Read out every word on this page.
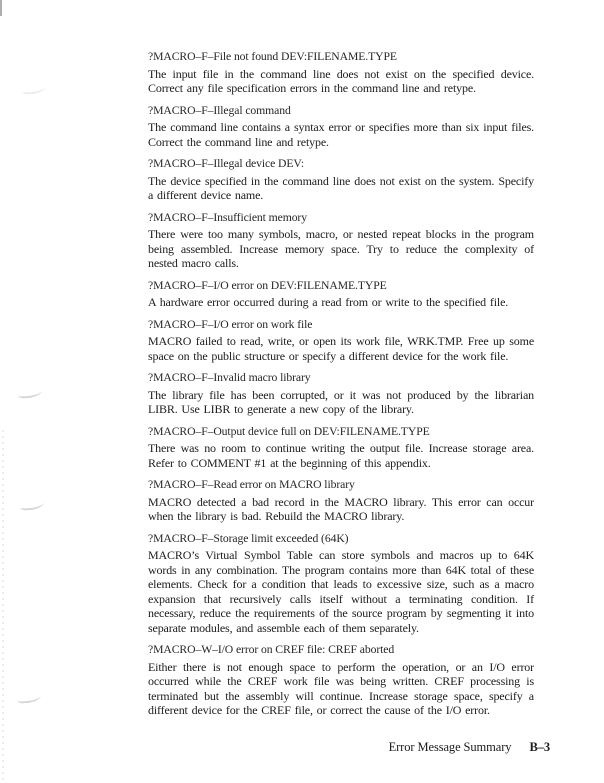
?MACRO–F–File not found DEV:FILENAME.TYPE

The input file in the command line does not exist on the specified device. Correct any file specification errors in the command line and retype.

?MACRO–F–Illegal command

The command line contains a syntax error or specifies more than six input files. Correct the command line and retype.

?MACRO–F–Illegal device DEV:

The device specified in the command line does not exist on the system. Specify a different device name.

?MACRO–F–Insufficient memory

There were too many symbols, macro, or nested repeat blocks in the program being assembled. Increase memory space. Try to reduce the complexity of nested macro calls.

?MACRO–F–I/O error on DEV:FILENAME.TYPE

A hardware error occurred during a read from or write to the specified file.

?MACRO–F–I/O error on work file

MACRO failed to read, write, or open its work file, WRK.TMP. Free up some space on the public structure or specify a different device for the work file.

?MACRO–F–Invalid macro library

The library file has been corrupted, or it was not produced by the librarian LIBR. Use LIBR to generate a new copy of the library.

?MACRO–F–Output device full on DEV:FILENAME.TYPE

There was no room to continue writing the output file. Increase storage area. Refer to COMMENT #1 at the beginning of this appendix.

?MACRO–F–Read error on MACRO library

MACRO detected a bad record in the MACRO library. This error can occur when the library is bad. Rebuild the MACRO library.

?MACRO–F–Storage limit exceeded (64K)

MACRO’s Virtual Symbol Table can store symbols and macros up to 64K words in any combination. The program contains more than 64K total of these elements. Check for a condition that leads to excessive size, such as a macro expansion that recursively calls itself without a terminating condition. If necessary, reduce the requirements of the source program by segmenting it into separate modules, and assemble each of them separately.

?MACRO–W–I/O error on CREF file: CREF aborted

Either there is not enough space to perform the operation, or an I/O error occurred while the CREF work file was being written. CREF processing is terminated but the assembly will continue. Increase storage space, specify a different device for the CREF file, or correct the cause of the I/O error.

Error Message Summary B–3
